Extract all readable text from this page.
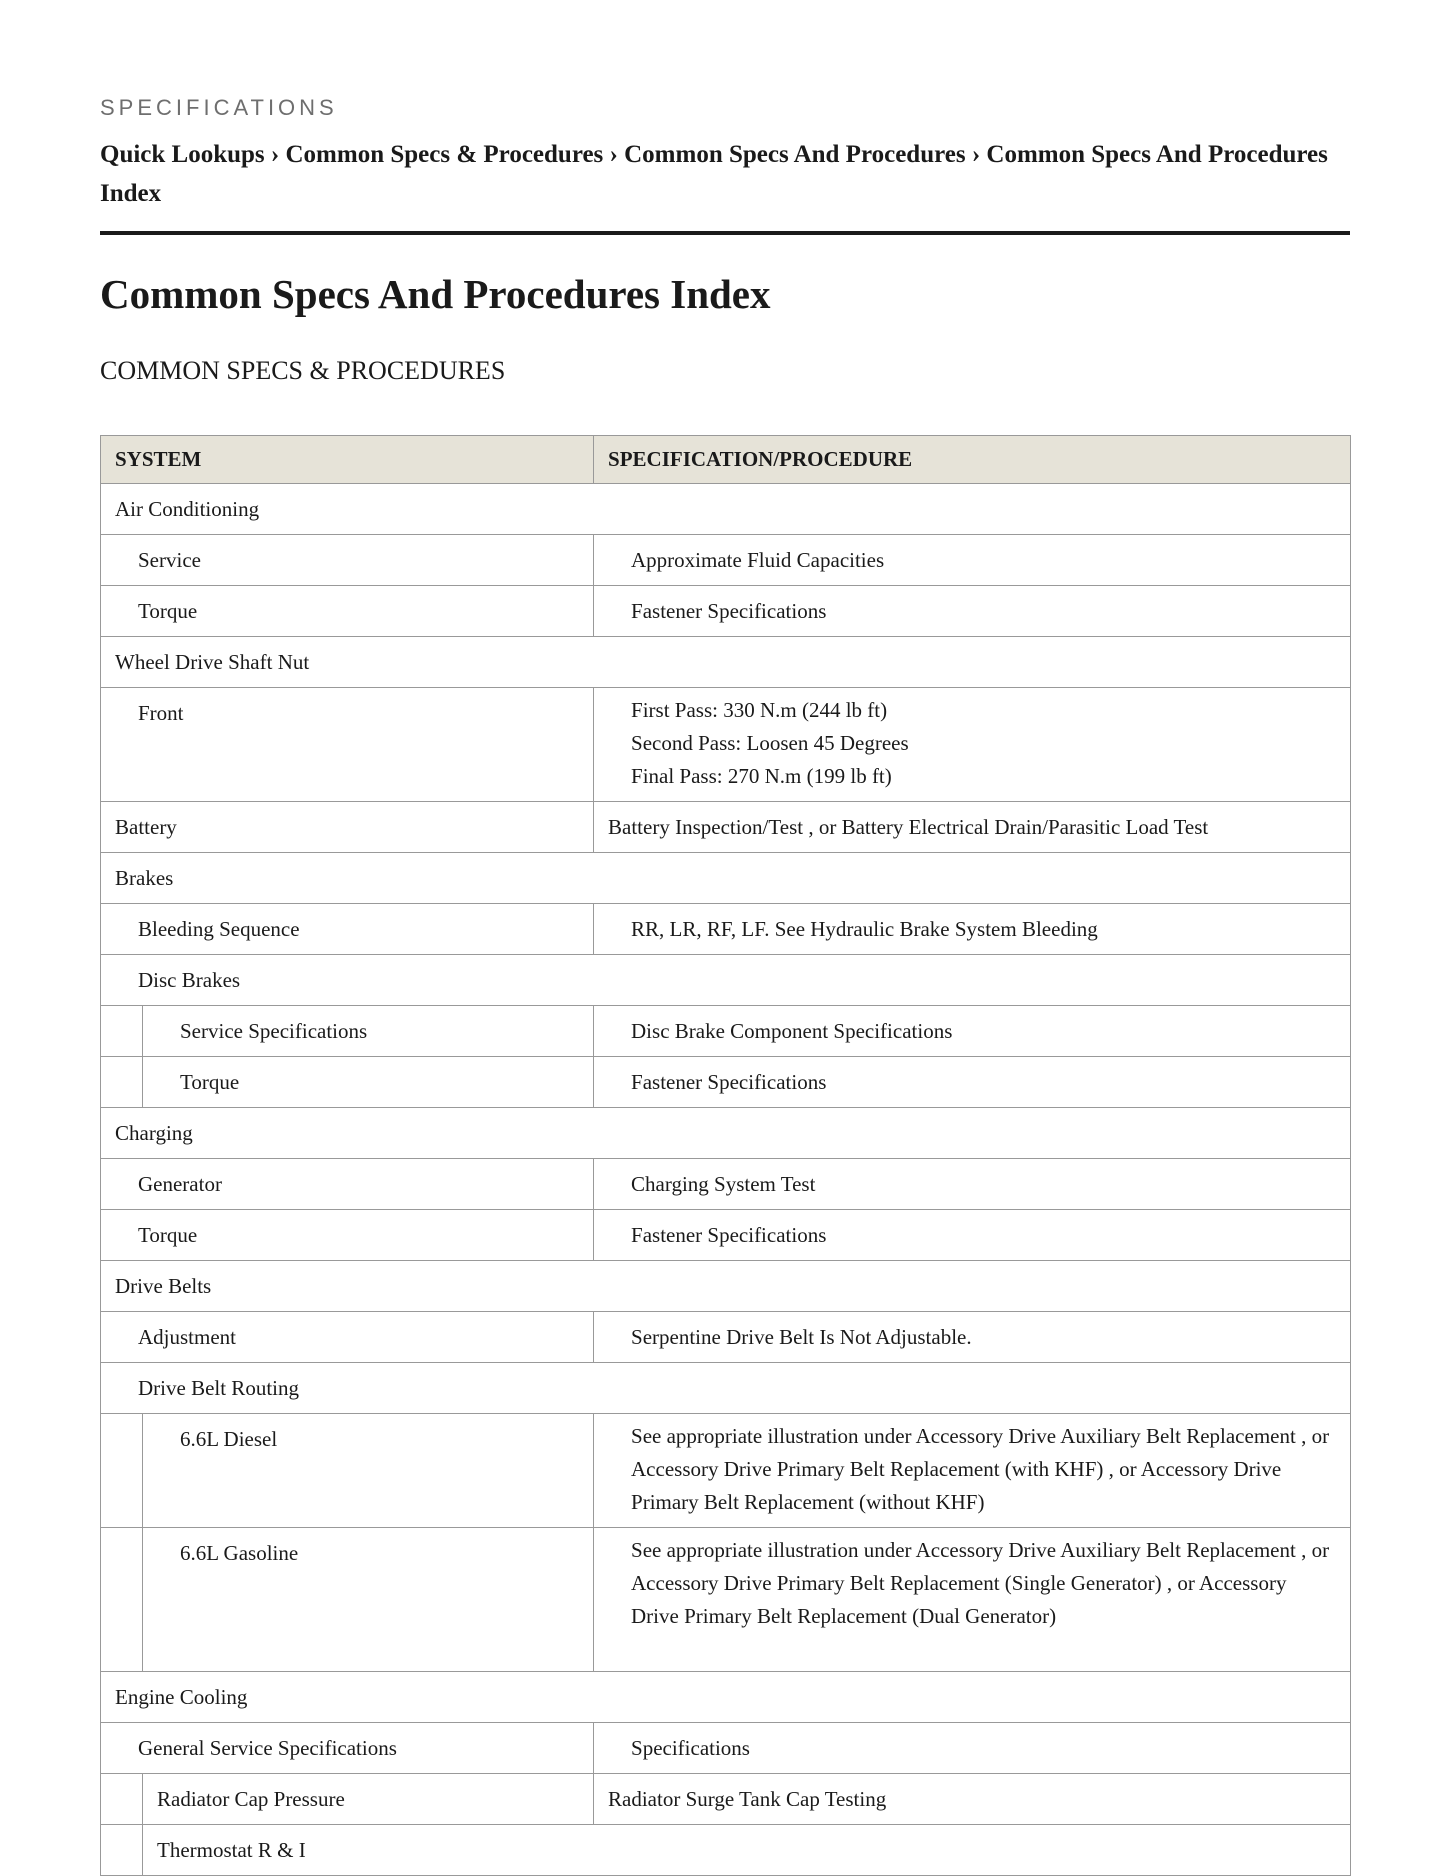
SPECIFICATIONS
Quick Lookups › Common Specs & Procedures › Common Specs And Procedures › Common Specs And Procedures Index
Common Specs And Procedures Index
COMMON SPECS & PROCEDURES
SYSTEM		SPECIFICATION/PROCEDURE

Air Conditioning		

Service		Approximate Fluid Capacities

Torque		Fastener Specifications

Wheel Drive Shaft Nut		

Front		First Pass: 330 N.m (244 lb ft)
Second Pass: Loosen 45 Degrees
Final Pass: 270 N.m (199 lb ft)

Battery		Battery Inspection/Test , or Battery Electrical Drain/Parasitic Load Test

Brakes		

Bleeding Sequence		RR, LR, RF, LF. See Hydraulic Brake System Bleeding

Disc Brakes		

	Service Specifications	Disc Brake Component Specifications

	Torque	Fastener Specifications

Charging		

Generator		Charging System Test

Torque		Fastener Specifications

Drive Belts		

Adjustment		Serpentine Drive Belt Is Not Adjustable.

Drive Belt Routing		

	6.6L Diesel	See appropriate illustration under Accessory Drive Auxiliary Belt Replacement , or Accessory Drive Primary Belt Replacement (with KHF) , or Accessory Drive Primary Belt Replacement (without KHF)

	6.6L Gasoline	See appropriate illustration under Accessory Drive Auxiliary Belt Replacement , or Accessory Drive Primary Belt Replacement (Single Generator) , or Accessory Drive Primary Belt Replacement (Dual Generator)

Engine Cooling		

General Service Specifications		Specifications

	Radiator Cap Pressure	Radiator Surge Tank Cap Testing

	Thermostat R & I	
